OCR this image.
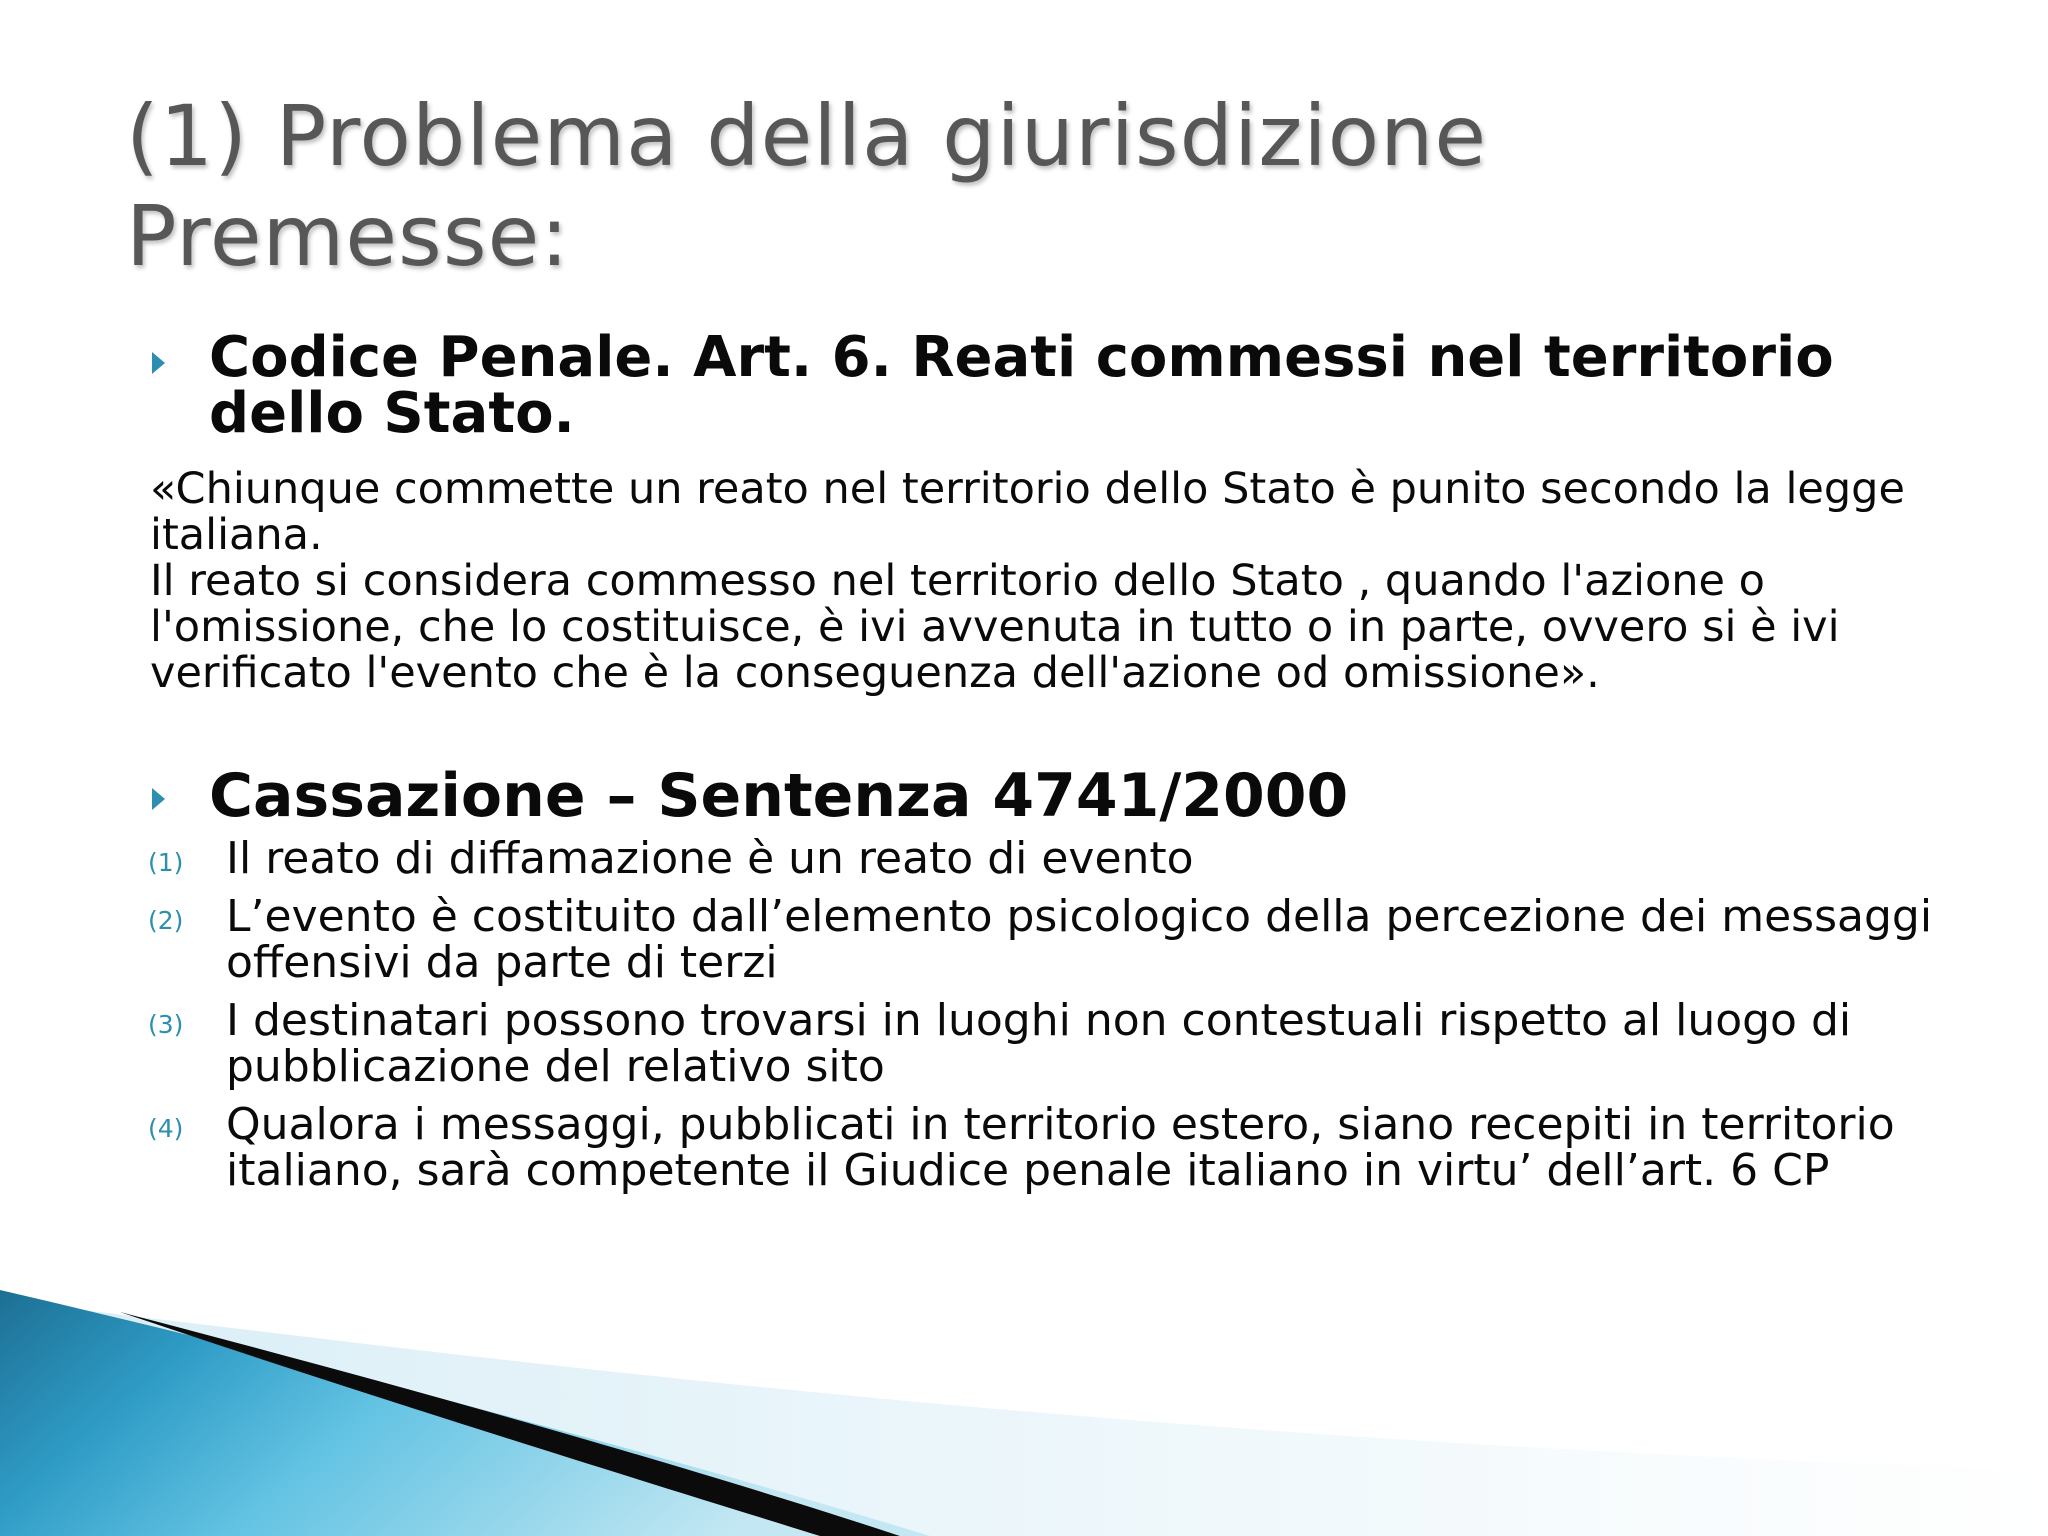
(1) Problema della giurisdizione
Premesse:
Codice Penale. Art. 6. Reati commessi nel territorio dello Stato.

«Chiunque commette un reato nel territorio dello Stato è punito secondo la legge italiana.

Il reato si considera commesso nel territorio dello Stato , quando l'azione o l'omissione, che lo costituisce, è ivi avvenuta in tutto o in parte, ovvero si è ivi verificato l'evento che è la conseguenza dell'azione od omissione».

Cassazione – Sentenza 4741/2000
(1) Il reato di diffamazione è un reato di evento
(2) L’evento è costituito dall’elemento psicologico della percezione dei messaggi offensivi da parte di terzi
(3) I destinatari possono trovarsi in luoghi non contestuali rispetto al luogo di pubblicazione del relativo sito
(4) Qualora i messaggi, pubblicati in territorio estero, siano recepiti in territorio italiano, sarà competente il Giudice penale italiano in virtu’ dell’art. 6 CP
